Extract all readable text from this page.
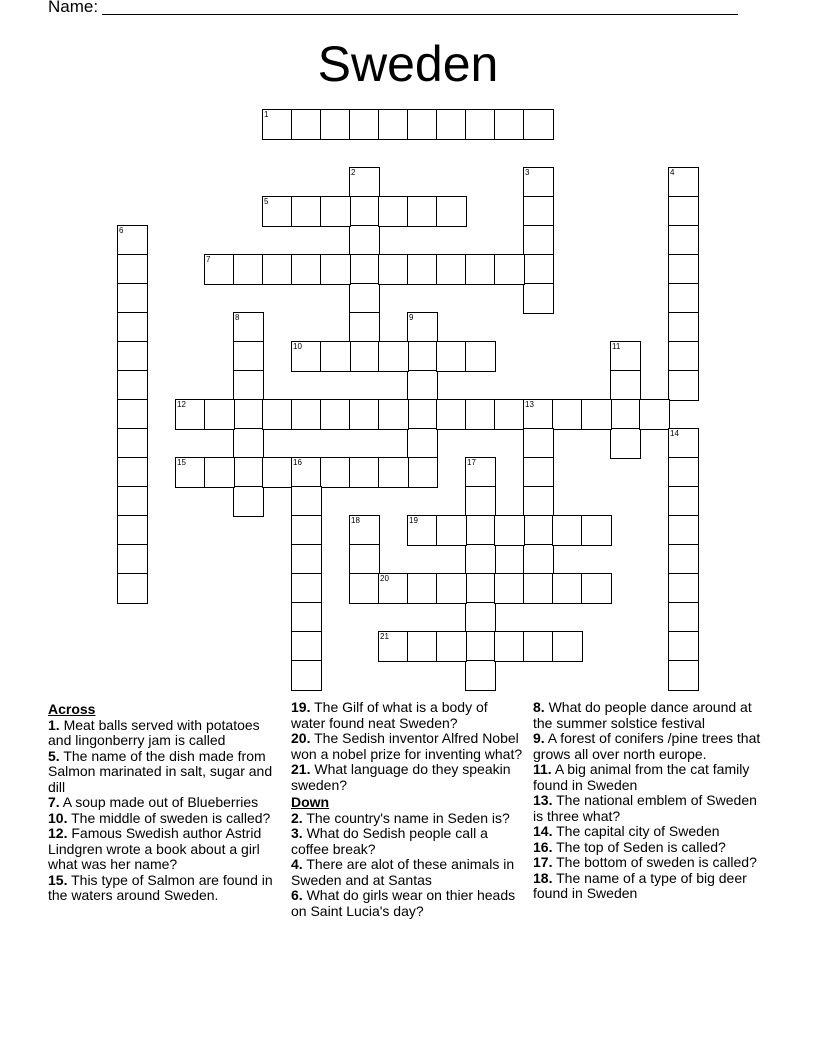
Name:
Sweden
1
2	3	4
5
6
7
8	9
10	11
12	13
14
15	16	17
18	19
20
21
Across
1. Meat balls served with potatoes and lingonberry jam is called
5. The name of the dish made from Salmon marinated in salt, sugar and dill
7. A soup made out of Blueberries
10. The middle of sweden is called?
12. Famous Swedish author Astrid Lindgren wrote a book about a girl what was her name?
15. This type of Salmon are found in the waters around Sweden.
19. The Gilf of what is a body of water found neat Sweden?
20. The Sedish inventor Alfred Nobel won a nobel prize for inventing what?
21. What language do they speakin sweden?
Down
2. The country's name in Seden is?
3. What do Sedish people call a coffee break?
4. There are alot of these animals in Sweden and at Santas
6. What do girls wear on thier heads on Saint Lucia's day?
8. What do people dance around at the summer solstice festival
9. A forest of conifers /pine trees that grows all over north europe.
11. A big animal from the cat family found in Sweden
13. The national emblem of Sweden is three what?
14. The capital city of Sweden
16. The top of Seden is called?
17. The bottom of sweden is called?
18. The name of a type of big deer found in Sweden
